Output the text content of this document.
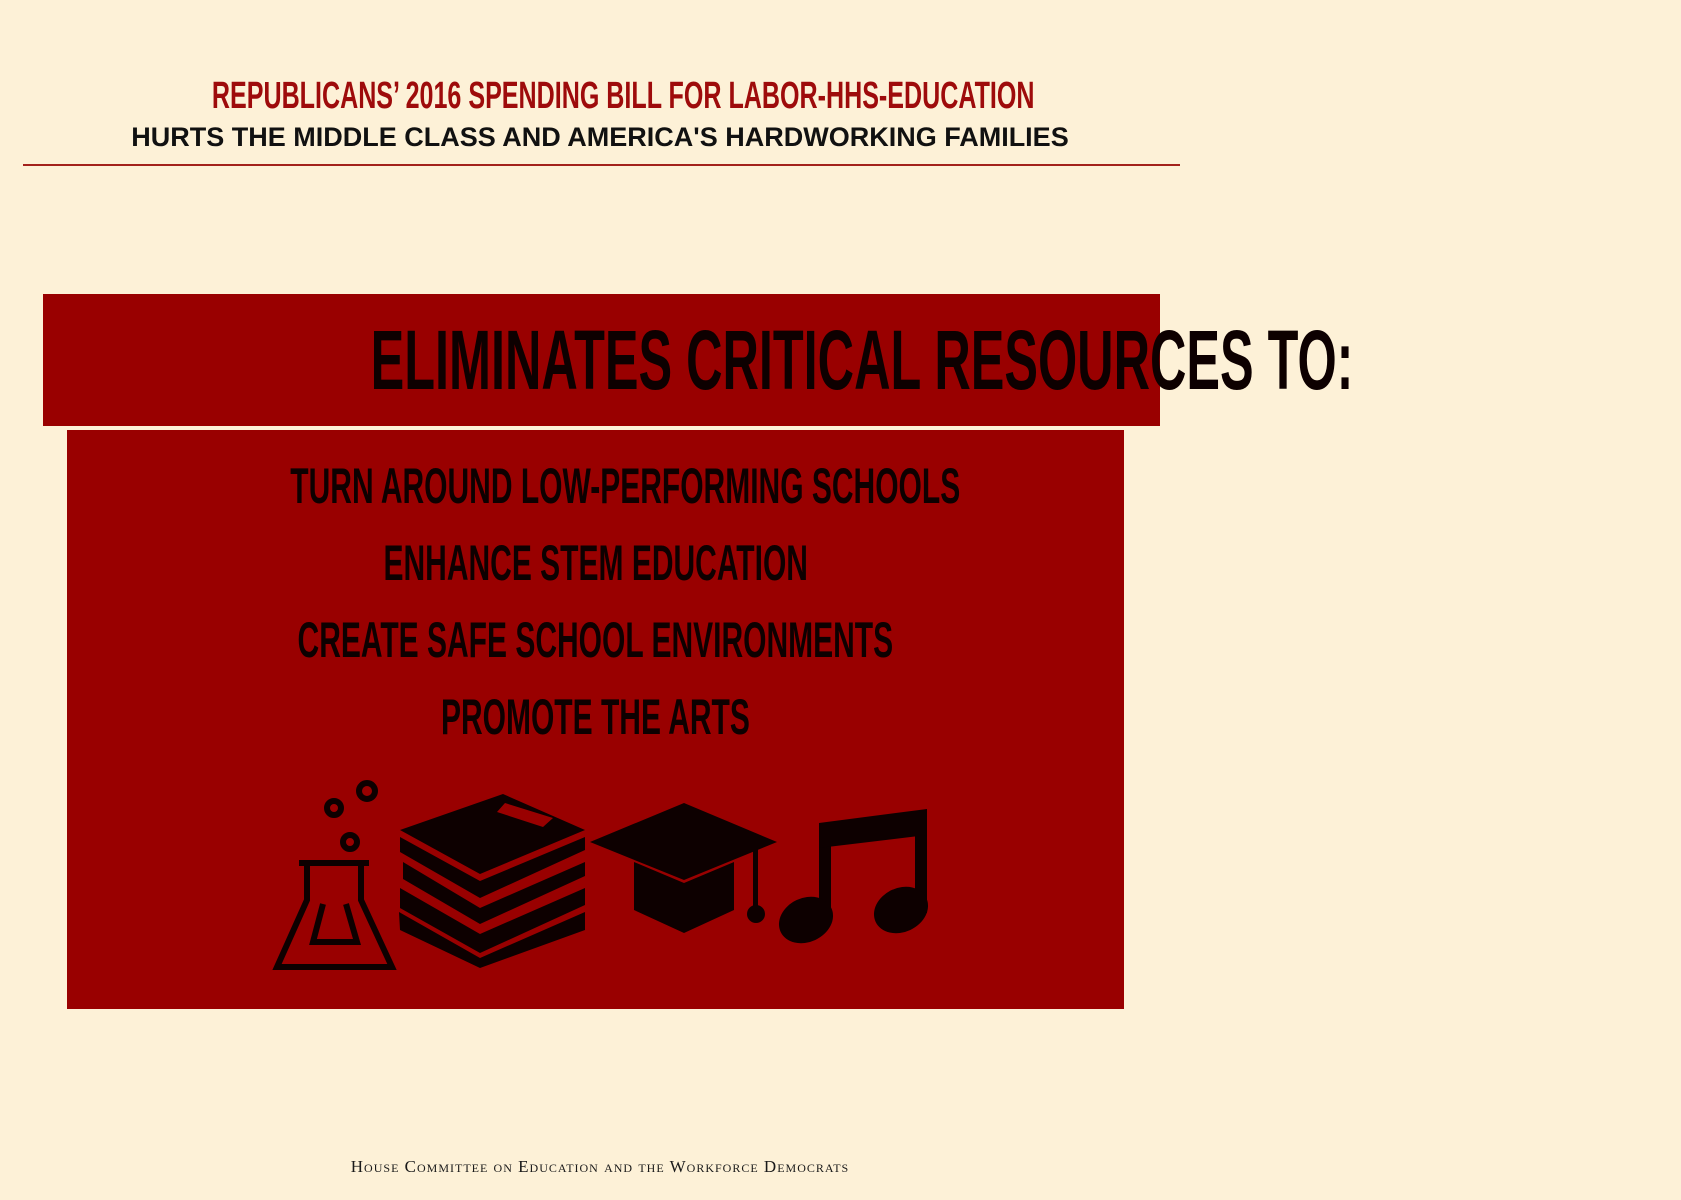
REPUBLICANS’ 2016 SPENDING BILL FOR LABOR-HHS-EDUCATION
HURTS THE MIDDLE CLASS AND AMERICA'S HARDWORKING FAMILIES
ELIMINATES CRITICAL RESOURCES TO:
TURN AROUND LOW-PERFORMING SCHOOLS
ENHANCE STEM EDUCATION
CREATE SAFE SCHOOL ENVIRONMENTS
PROMOTE THE ARTS
House Committee on Education and the Workforce Democrats
